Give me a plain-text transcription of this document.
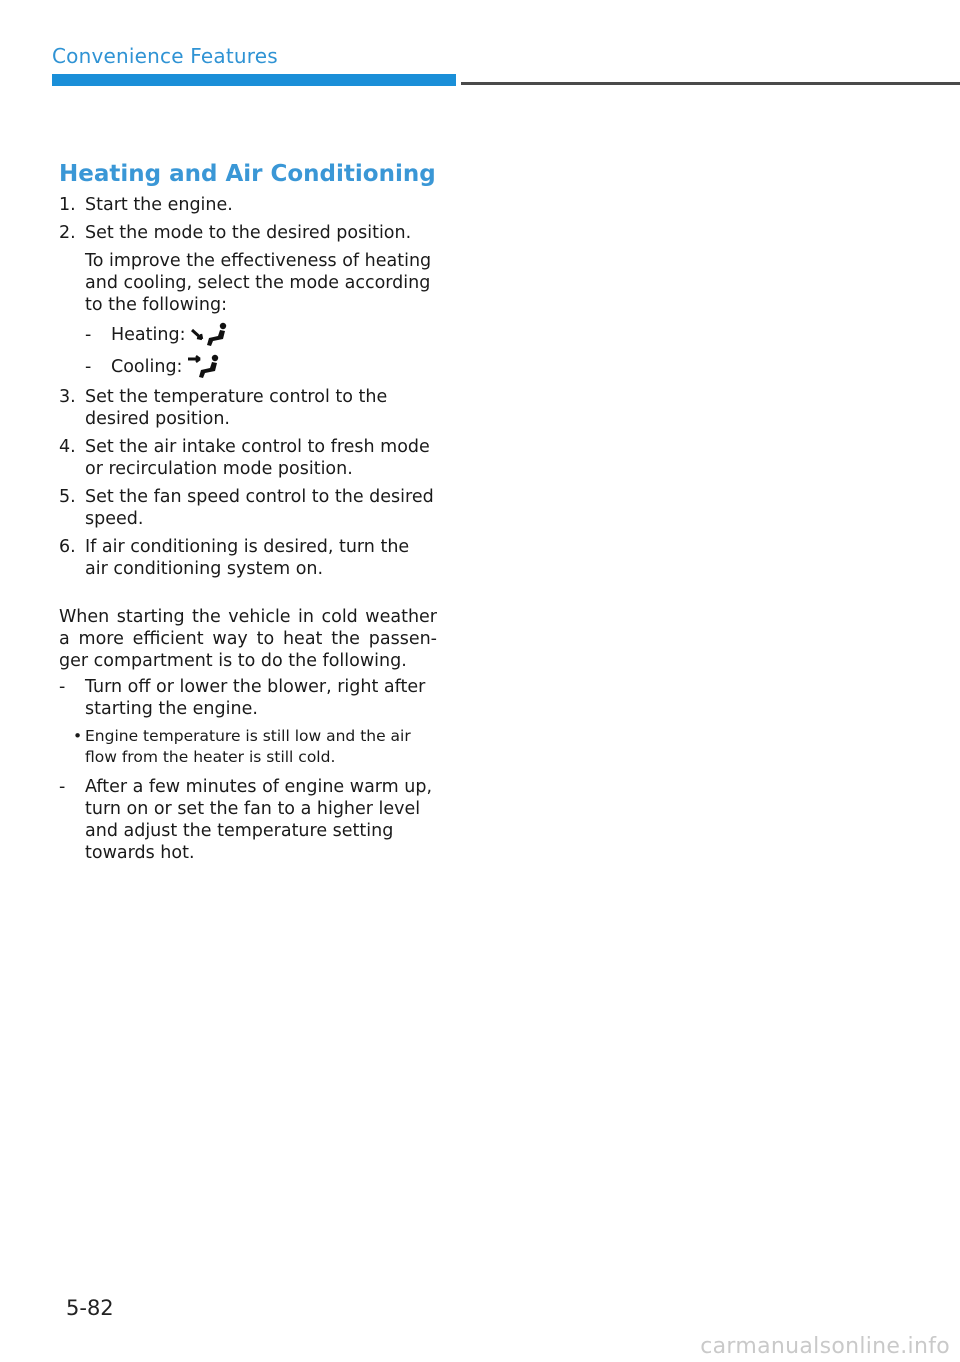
Convenience Features
Heating and Air Conditioning
1. Start the engine.
2. Set the mode to the desired position.
To improve the effectiveness of heating and cooling, select the mode according to the following:
-	Heating:
-	Cooling:
3. Set the temperature control to the desired position.
4. Set the air intake control to fresh mode or recirculation mode position.
5. Set the fan speed control to the desired speed.
6. If air conditioning is desired, turn the air conditioning system on.
When starting the vehicle in cold weather a more efficient way to heat the passen-ger compartment is to do the following.
-	Turn off or lower the blower, right after starting the engine.
• Engine temperature is still low and the air flow from the heater is still cold.
-	After a few minutes of engine warm up, turn on or set the fan to a higher level and adjust the temperature setting towards hot.
5-82
carmanualsonline.info
